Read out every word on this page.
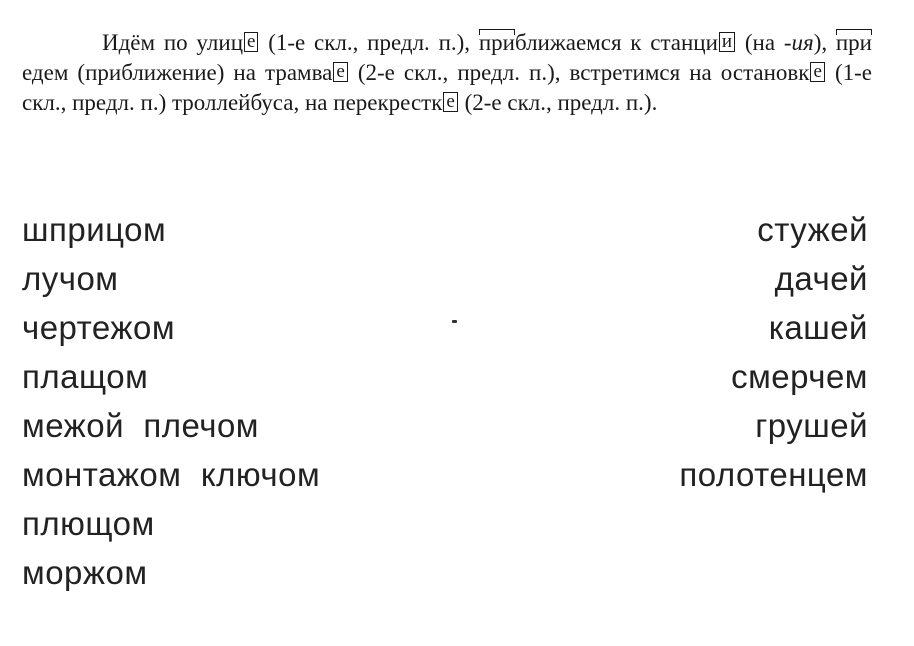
Идём по улиц е (1-е скл., предл. п.), приближаемся к станци и (на -ия), приедем (приближение) на трамва е (2-е скл., предл. п.), встретимся на остановк е (1-е скл., предл. п.) троллейбуса, на перекрестк е (2-е скл., предл. п.).
шприцом
лучом
чертежом
плащом
межой  плечом
монтажом  ключом
плющом
моржом
стужей
дачей
кашей
смерчем
грушей
полотенцем
